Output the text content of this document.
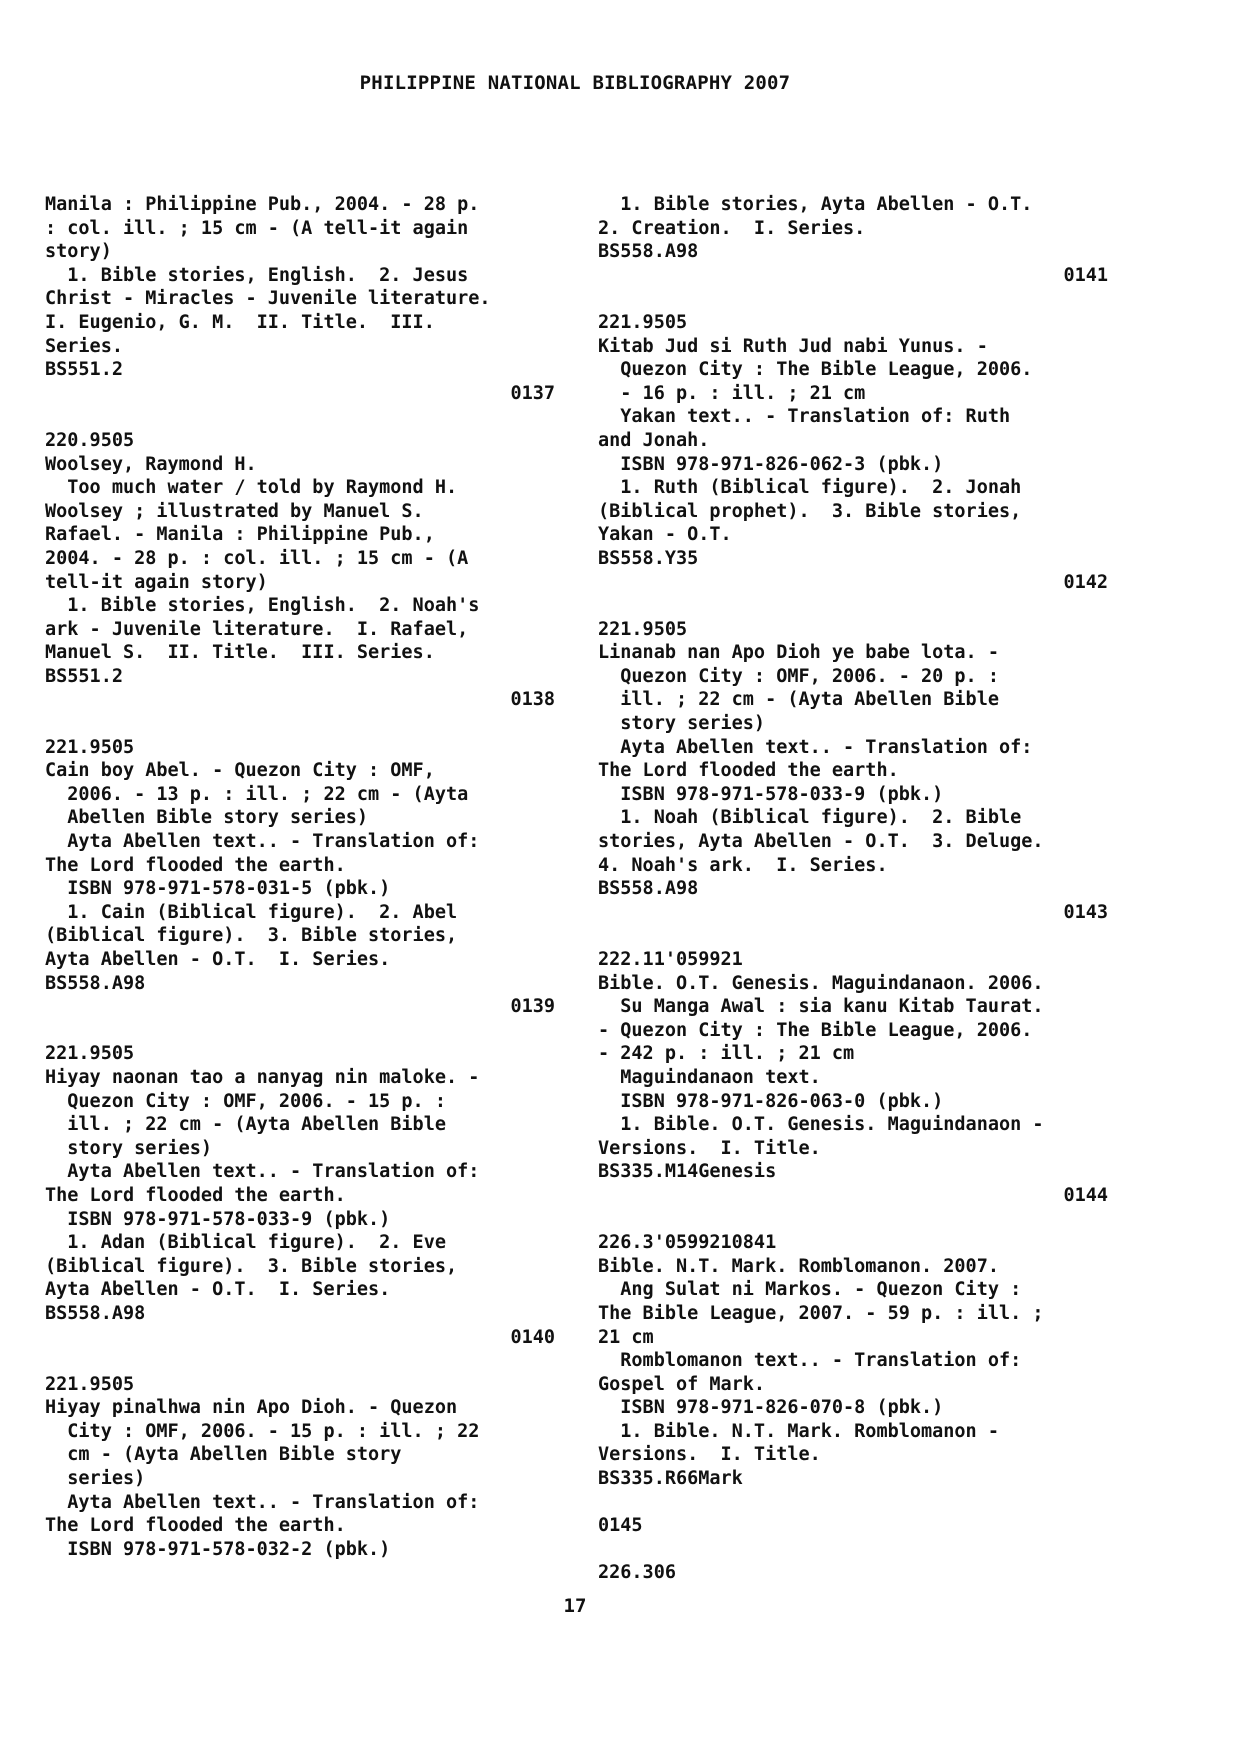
PHILIPPINE NATIONAL BIBLIOGRAPHY 2007
Manila : Philippine Pub., 2004. - 28 p.
: col. ill. ; 15 cm - (A tell-it again
story)
1. Bible stories, English.  2. Jesus
Christ - Miracles - Juvenile literature.
I. Eugenio, G. M.  II. Title.  III.
Series.
BS551.2
0137
220.9505
Woolsey, Raymond H.
Too much water / told by Raymond H.
Woolsey ; illustrated by Manuel S.
Rafael. - Manila : Philippine Pub.,
2004. - 28 p. : col. ill. ; 15 cm - (A
tell-it again story)
1. Bible stories, English.  2. Noah's
ark - Juvenile literature.  I. Rafael,
Manuel S.  II. Title.  III. Series.
BS551.2
0138
221.9505
Cain boy Abel. - Quezon City : OMF,
2006. - 13 p. : ill. ; 22 cm - (Ayta
Abellen Bible story series)
Ayta Abellen text.. - Translation of:
The Lord flooded the earth.
ISBN 978-971-578-031-5 (pbk.)
1. Cain (Biblical figure).  2. Abel
(Biblical figure).  3. Bible stories,
Ayta Abellen - O.T.  I. Series.
BS558.A98
0139
221.9505
Hiyay naonan tao a nanyag nin maloke. -
Quezon City : OMF, 2006. - 15 p. :
ill. ; 22 cm - (Ayta Abellen Bible
story series)
Ayta Abellen text.. - Translation of:
The Lord flooded the earth.
ISBN 978-971-578-033-9 (pbk.)
1. Adan (Biblical figure).  2. Eve
(Biblical figure).  3. Bible stories,
Ayta Abellen - O.T.  I. Series.
BS558.A98
0140
221.9505
Hiyay pinalhwa nin Apo Dioh. - Quezon
City : OMF, 2006. - 15 p. : ill. ; 22
cm - (Ayta Abellen Bible story
series)
Ayta Abellen text.. - Translation of:
The Lord flooded the earth.
ISBN 978-971-578-032-2 (pbk.)
1. Bible stories, Ayta Abellen - O.T.
2. Creation.  I. Series.
BS558.A98
0141
221.9505
Kitab Jud si Ruth Jud nabi Yunus. -
Quezon City : The Bible League, 2006.
- 16 p. : ill. ; 21 cm
Yakan text.. - Translation of: Ruth
and Jonah.
ISBN 978-971-826-062-3 (pbk.)
1. Ruth (Biblical figure).  2. Jonah
(Biblical prophet).  3. Bible stories,
Yakan - O.T.
BS558.Y35
0142
221.9505
Linanab nan Apo Dioh ye babe lota. -
Quezon City : OMF, 2006. - 20 p. :
ill. ; 22 cm - (Ayta Abellen Bible
story series)
Ayta Abellen text.. - Translation of:
The Lord flooded the earth.
ISBN 978-971-578-033-9 (pbk.)
1. Noah (Biblical figure).  2. Bible
stories, Ayta Abellen - O.T.  3. Deluge.
4. Noah's ark.  I. Series.
BS558.A98
0143
222.11'059921
Bible. O.T. Genesis. Maguindanaon. 2006.
Su Manga Awal : sia kanu Kitab Taurat.
- Quezon City : The Bible League, 2006.
- 242 p. : ill. ; 21 cm
Maguindanaon text.
ISBN 978-971-826-063-0 (pbk.)
1. Bible. O.T. Genesis. Maguindanaon -
Versions.  I. Title.
BS335.M14Genesis
0144
226.3'0599210841
Bible. N.T. Mark. Romblomanon. 2007.
Ang Sulat ni Markos. - Quezon City :
The Bible League, 2007. - 59 p. : ill. ;
21 cm
Romblomanon text.. - Translation of:
Gospel of Mark.
ISBN 978-971-826-070-8 (pbk.)
1. Bible. N.T. Mark. Romblomanon -
Versions.  I. Title.
BS335.R66Mark
0145
226.306
17
